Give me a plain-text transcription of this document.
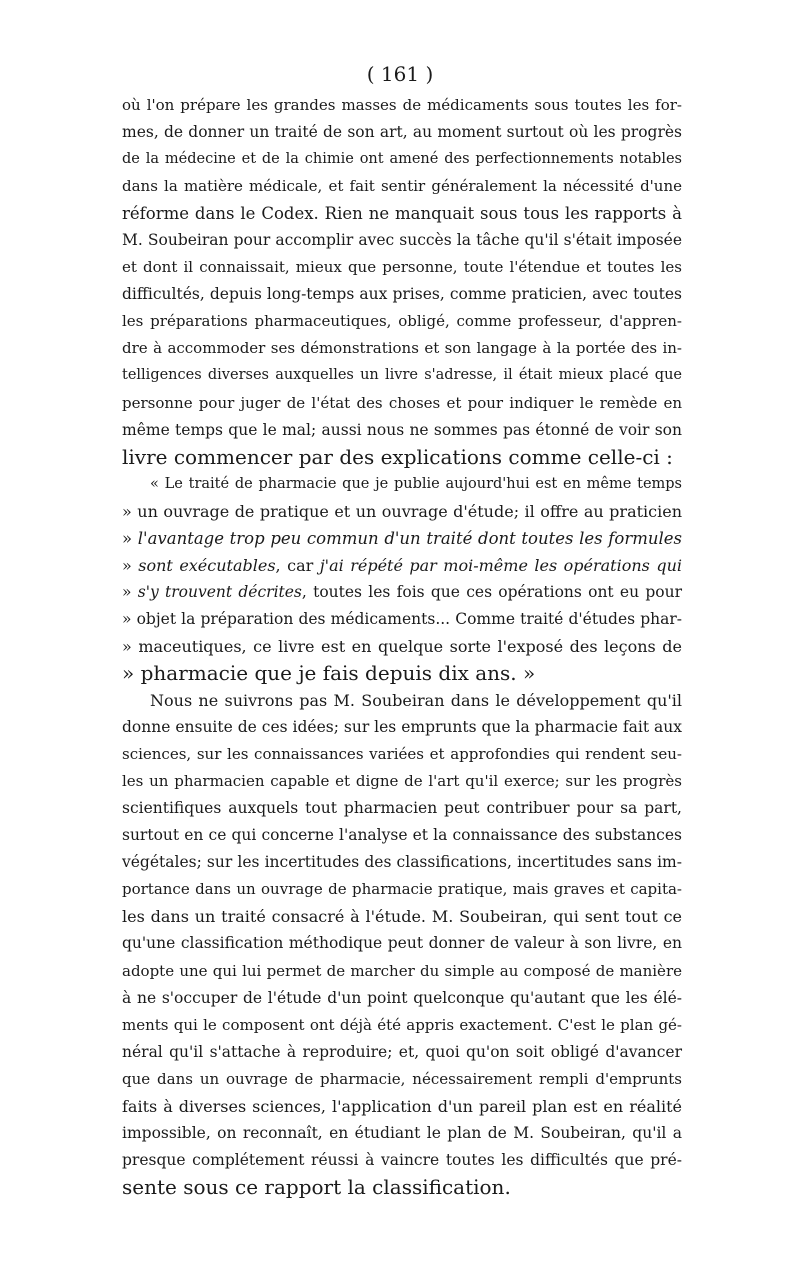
( 161 )
où l'on prépare les grandes masses de médicaments sous toutes les for-
mes, de donner un traité de son art, au moment surtout où les progrès
de la médecine et de la chimie ont amené des perfectionnements notables
dans la matière médicale, et fait sentir généralement la nécessité d'une
réforme dans le Codex. Rien ne manquait sous tous les rapports à
M. Soubeiran pour accomplir avec succès la tâche qu'il s'était imposée
et dont il connaissait, mieux que personne, toute l'étendue et toutes les
difficultés, depuis long-temps aux prises, comme praticien, avec toutes
les préparations pharmaceutiques, obligé, comme professeur, d'appren-
dre à accommoder ses démonstrations et son langage à la portée des in-
telligences diverses auxquelles un livre s'adresse, il était mieux placé que
personne pour juger de l'état des choses et pour indiquer le remède en
même temps que le mal; aussi nous ne sommes pas étonné de voir son
livre commencer par des explications comme celle-ci :
« Le traité de pharmacie que je publie aujourd'hui est en même temps
» un ouvrage de pratique et un ouvrage d'étude; il offre au praticien
» l'avantage trop peu commun d'un traité dont toutes les formules
» sont exécutables, car j'ai répété par moi-même les opérations qui
» s'y trouvent décrites, toutes les fois que ces opérations ont eu pour
» objet la préparation des médicaments... Comme traité d'études phar-
» maceutiques, ce livre est en quelque sorte l'exposé des leçons de
» pharmacie que je fais depuis dix ans. »
Nous ne suivrons pas M. Soubeiran dans le développement qu'il
donne ensuite de ces idées; sur les emprunts que la pharmacie fait aux
sciences, sur les connaissances variées et approfondies qui rendent seu-
les un pharmacien capable et digne de l'art qu'il exerce; sur les progrès
scientifiques auxquels tout pharmacien peut contribuer pour sa part,
surtout en ce qui concerne l'analyse et la connaissance des substances
végétales; sur les incertitudes des classifications, incertitudes sans im-
portance dans un ouvrage de pharmacie pratique, mais graves et capita-
les dans un traité consacré à l'étude. M. Soubeiran, qui sent tout ce
qu'une classification méthodique peut donner de valeur à son livre, en
adopte une qui lui permet de marcher du simple au composé de manière
à ne s'occuper de l'étude d'un point quelconque qu'autant que les élé-
ments qui le composent ont déjà été appris exactement. C'est le plan gé-
néral qu'il s'attache à reproduire; et, quoi qu'on soit obligé d'avancer
que dans un ouvrage de pharmacie, nécessairement rempli d'emprunts
faits à diverses sciences, l'application d'un pareil plan est en réalité
impossible, on reconnaît, en étudiant le plan de M. Soubeiran, qu'il a
presque complétement réussi à vaincre toutes les difficultés que pré-
sente sous ce rapport la classification.
